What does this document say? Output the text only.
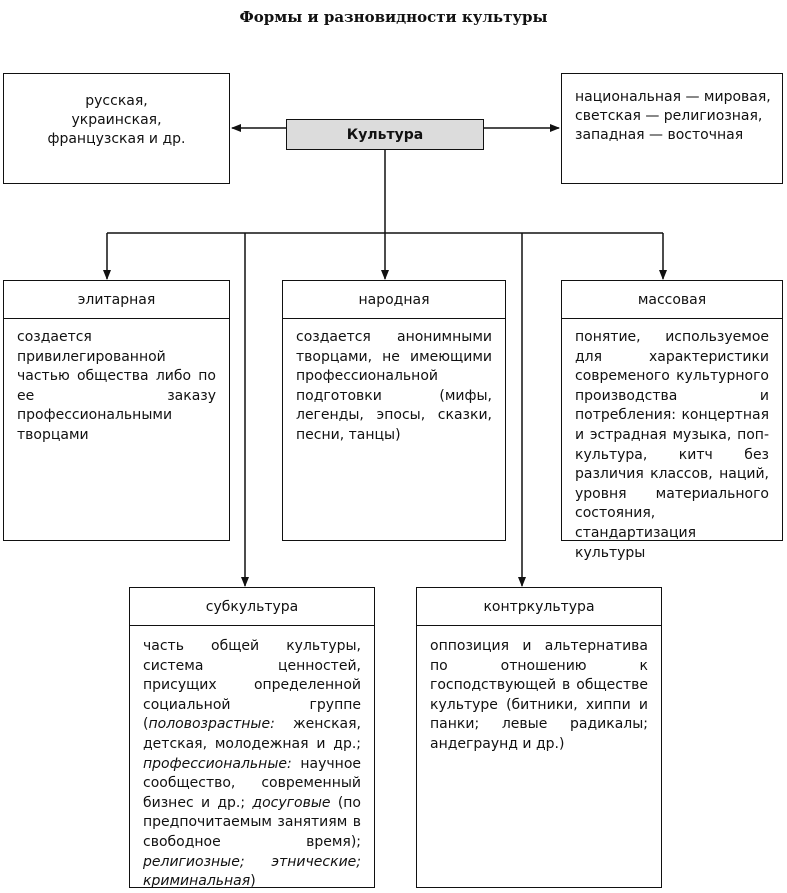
Формы и разновидности культуры
русская,
украинская,
французская и др.	Культура
национальная — мировая,
светская — религиозная,
западная — восточная
элитарная
создается привилегированной частью общества либо по ее заказу профессиональными творцами
народная
создается анонимными творцами, не имеющими профессиональной подготовки (мифы, легенды, эпосы, сказки, песни, танцы)
массовая
понятие, используемое для характеристики современого культурного производства и потребления: концертная и эстрадная музыка, поп-культура, китч без различия классов, наций, уровня материального состояния, стандартизация культуры
субкультура
часть общей культуры, система ценностей, присущих определенной социальной группе (половозрастные: женская, детская, молодежная и др.; профессиональные: научное сообщество, современный бизнес и др.; досуговые (по предпочитаемым занятиям в свободное время); религиозные; этнические; криминальная)
контркультура
оппозиция и альтернатива по отношению к господствующей в обществе культуре (битники, хиппи и панки; левые радикалы; андеграунд и др.)
